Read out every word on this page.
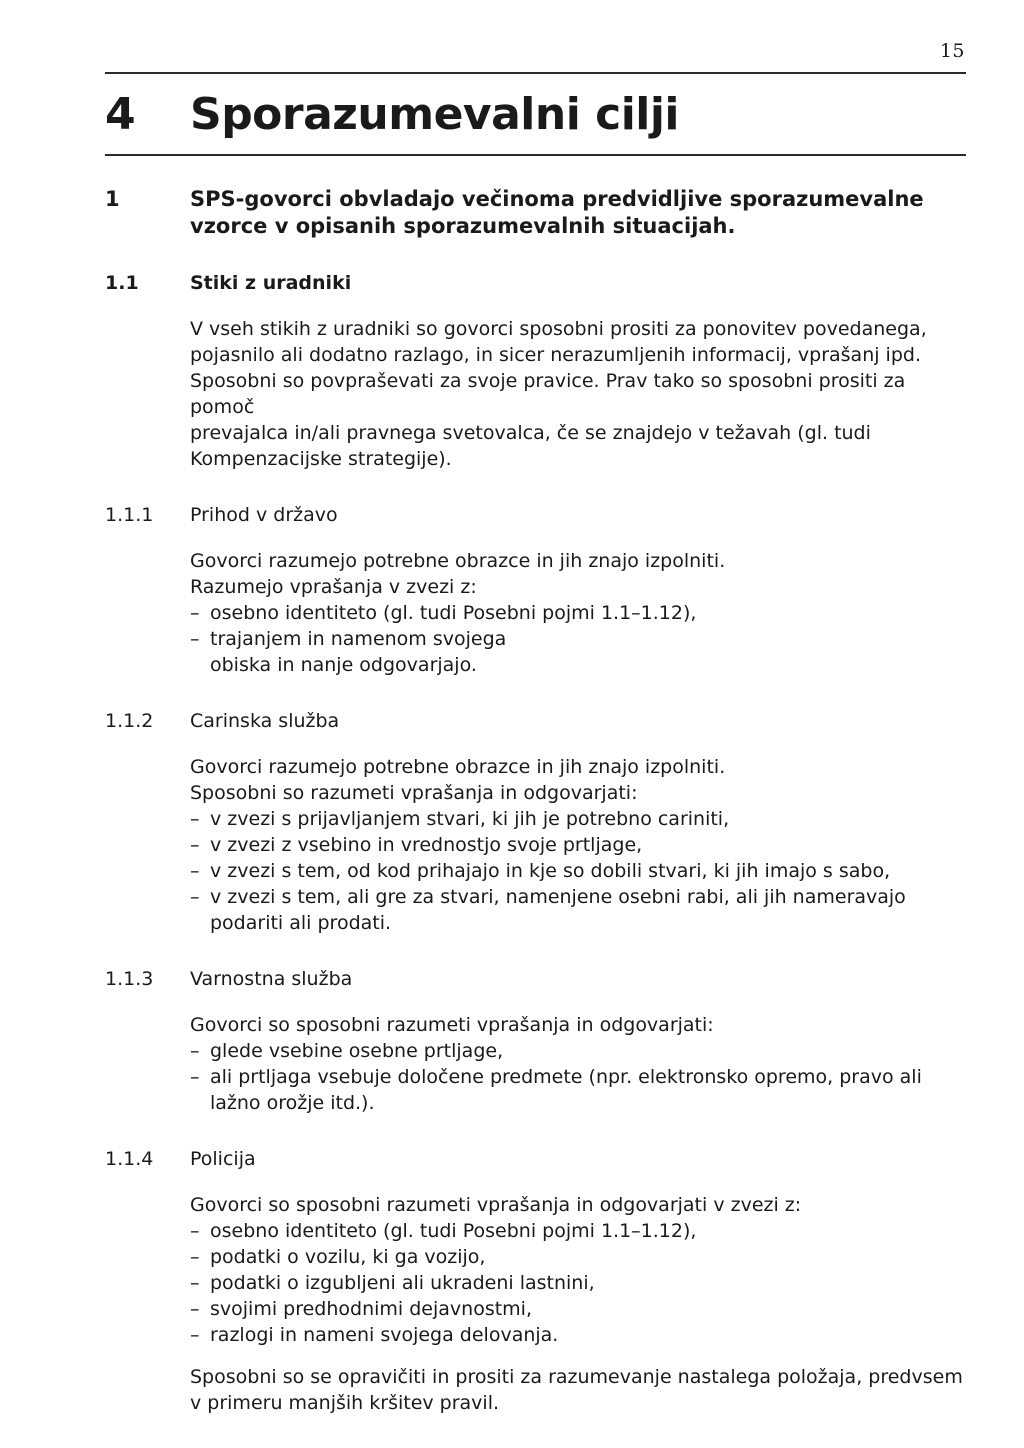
15
4	Sporazumevalni cilji
1	SPS-govorci obvladajo večinoma predvidljive sporazumevalne vzorce v opisanih sporazumevalnih situacijah.
1.1	Stiki z uradniki

V vseh stikih z uradniki so govorci sposobni prositi za ponovitev povedanega,

pojasnilo ali dodatno razlago, in sicer nerazumljenih informacij, vprašanj ipd.

Sposobni so povpraševati za svoje pravice. Prav tako so sposobni prositi za pomoč

prevajalca in/ali pravnega svetovalca, če se znajdejo v težavah (gl. tudi

Kompenzacijske strategije).

1.1.1	Prihod v državo

Govorci razumejo potrebne obrazce in jih znajo izpolniti.

Razumejo vprašanja v zvezi z:

– osebno identiteto (gl. tudi Posebni pojmi 1.1–1.12),
– trajanjem in namenom svojega obiska in nanje odgovarjajo.
1.1.2	Carinska služba

Govorci razumejo potrebne obrazce in jih znajo izpolniti.

Sposobni so razumeti vprašanja in odgovarjati:

– v zvezi s prijavljanjem stvari, ki jih je potrebno cariniti,
– v zvezi z vsebino in vrednostjo svoje prtljage,
– v zvezi s tem, od kod prihajajo in kje so dobili stvari, ki jih imajo s sabo,
– v zvezi s tem, ali gre za stvari, namenjene osebni rabi, ali jih nameravajo podariti ali prodati.
1.1.3	Varnostna služba

Govorci so sposobni razumeti vprašanja in odgovarjati:

– glede vsebine osebne prtljage,
– ali prtljaga vsebuje določene predmete (npr. elektronsko opremo, pravo ali lažno orožje itd.).
1.1.4	Policija

Govorci so sposobni razumeti vprašanja in odgovarjati v zvezi z:

– osebno identiteto (gl. tudi Posebni pojmi 1.1–1.12),
– podatki o vozilu, ki ga vozijo,
– podatki o izgubljeni ali ukradeni lastnini,
– svojimi predhodnimi dejavnostmi,
– razlogi in nameni svojega delovanja.

Sposobni so se opravičiti in prositi za razumevanje nastalega položaja, predvsem v primeru manjših kršitev pravil.
